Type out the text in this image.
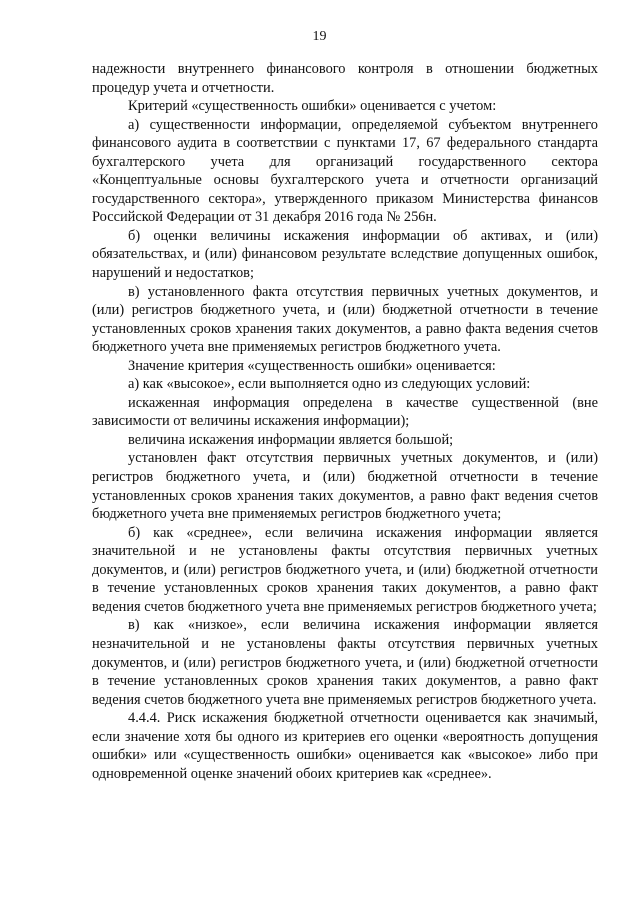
19

надежности внутреннего финансового контроля в отношении бюджетных процедур учета и отчетности.

Критерий «существенность ошибки» оценивается с учетом:

а) существенности информации, определяемой субъектом внутреннего финансового аудита в соответствии с пунктами 17, 67 федерального стандарта бухгалтерского учета для организаций государственного сектора «Концептуальные основы бухгалтерского учета и отчетности организаций государственного сектора», утвержденного приказом Министерства финансов Российской Федерации от 31 декабря 2016 года № 256н.

б) оценки величины искажения информации об активах, и (или) обязательствах, и (или) финансовом результате вследствие допущенных ошибок, нарушений и недостатков;

в) установленного факта отсутствия первичных учетных документов, и (или) регистров бюджетного учета, и (или) бюджетной отчетности в течение установленных сроков хранения таких документов, а равно факта ведения счетов бюджетного учета вне применяемых регистров бюджетного учета.

Значение критерия «существенность ошибки» оценивается:

а) как «высокое», если выполняется одно из следующих условий:

искаженная информация определена в качестве существенной (вне зависимости от величины искажения информации);

величина искажения информации является большой;

установлен факт отсутствия первичных учетных документов, и (или) регистров бюджетного учета, и (или) бюджетной отчетности в течение установленных сроков хранения таких документов, а равно факт ведения счетов бюджетного учета вне применяемых регистров бюджетного учета;

б) как «среднее», если величина искажения информации является значительной и не установлены факты отсутствия первичных учетных документов, и (или) регистров бюджетного учета, и (или) бюджетной отчетности в течение установленных сроков хранения таких документов, а равно факт ведения счетов бюджетного учета вне применяемых регистров бюджетного учета;

в) как «низкое», если величина искажения информации является незначительной и не установлены факты отсутствия первичных учетных документов, и (или) регистров бюджетного учета, и (или) бюджетной отчетности в течение установленных сроков хранения таких документов, а равно факт ведения счетов бюджетного учета вне применяемых регистров бюджетного учета.

4.4.4. Риск искажения бюджетной отчетности оценивается как значимый, если значение хотя бы одного из критериев его оценки «вероятность допущения ошибки» или «существенность ошибки» оценивается как «высокое» либо при одновременной оценке значений обоих критериев как «среднее».
